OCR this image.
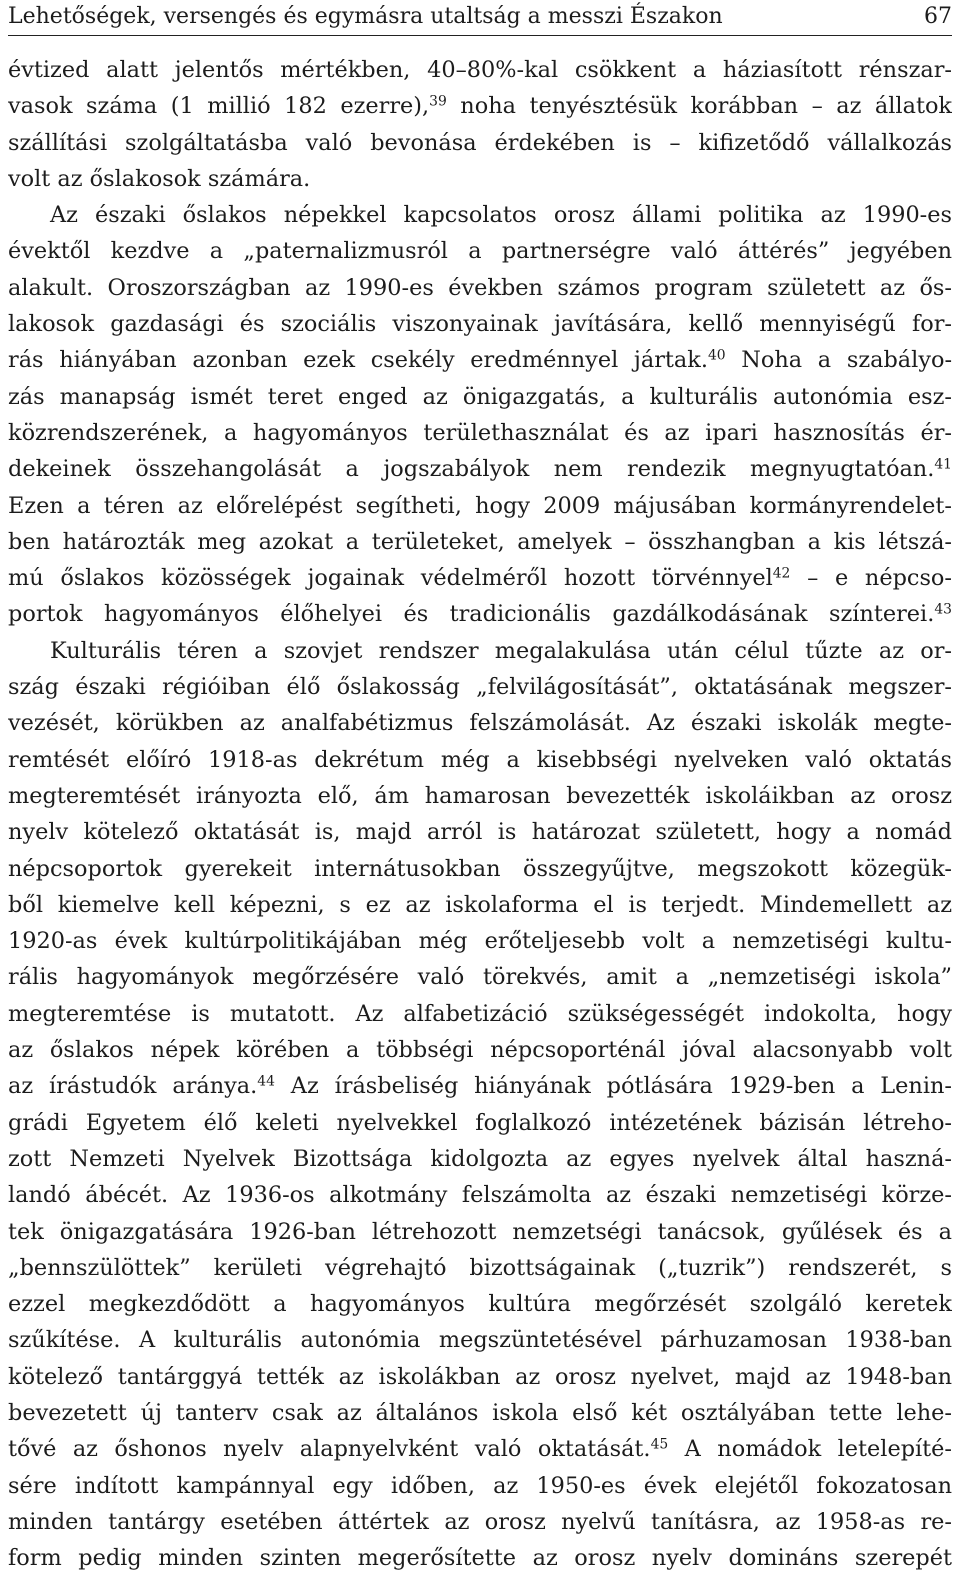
Lehetőségek, versengés és egymásra utaltság a messzi Északon	67
évtized alatt jelentős mértékben, 40–80%-kal csökkent a háziasított rénszar-
vasok száma (1 millió 182 ezerre),$^{39}$ noha tenyésztésük korábban – az állatok
szállítási szolgáltatásba való bevonása érdekében is – kifizetődő vállalkozás
volt az őslakosok számára.
Az északi őslakos népekkel kapcsolatos orosz állami politika az 1990-es
évektől kezdve a „paternalizmusról a partnerségre való áttérés” jegyében
alakult. Oroszországban az 1990-es években számos program született az ős-
lakosok gazdasági és szociális viszonyainak javítására, kellő mennyiségű for-
rás hiányában azonban ezek csekély eredménnyel jártak.$^{40}$ Noha a szabályo-
zás manapság ismét teret enged az önigazgatás, a kulturális autonómia esz-
közrendszerének, a hagyományos területhasználat és az ipari hasznosítás ér-
dekeinek összehangolását a jogszabályok nem rendezik megnyugtatóan.$^{41}$
Ezen a téren az előrelépést segítheti, hogy 2009 májusában kormányrendelet-
ben határozták meg azokat a területeket, amelyek – összhangban a kis létszá-
mú őslakos közösségek jogainak védelméről hozott törvénnyel$^{42}$ – e népcso-
portok hagyományos élőhelyei és tradicionális gazdálkodásának színterei.$^{43}$
Kulturális téren a szovjet rendszer megalakulása után célul tűzte az or-
szág északi régióiban élő őslakosság „felvilágosítását”, oktatásának megszer-
vezését, körükben az analfabétizmus felszámolását. Az északi iskolák megte-
remtését előíró 1918-as dekrétum még a kisebbségi nyelveken való oktatás
megteremtését irányozta elő, ám hamarosan bevezették iskoláikban az orosz
nyelv kötelező oktatását is, majd arról is határozat született, hogy a nomád
népcsoportok gyerekeit internátusokban összegyűjtve, megszokott közegük-
ből kiemelve kell képezni, s ez az iskolaforma el is terjedt. Mindemellett az
1920-as évek kultúrpolitikájában még erőteljesebb volt a nemzetiségi kultu-
rális hagyományok megőrzésére való törekvés, amit a „nemzetiségi iskola”
megteremtése is mutatott. Az alfabetizáció szükségességét indokolta, hogy
az őslakos népek körében a többségi népcsoporténál jóval alacsonyabb volt
az írástudók aránya.$^{44}$ Az írásbeliség hiányának pótlására 1929-ben a Lenin-
grádi Egyetem élő keleti nyelvekkel foglalkozó intézetének bázisán létreho-
zott Nemzeti Nyelvek Bizottsága kidolgozta az egyes nyelvek által haszná-
landó ábécét. Az 1936-os alkotmány felszámolta az északi nemzetiségi körze-
tek önigazgatására 1926-ban létrehozott nemzetségi tanácsok, gyűlések és a
„bennszülöttek” kerületi végrehajtó bizottságainak („tuzrik”) rendszerét, s
ezzel megkezdődött a hagyományos kultúra megőrzését szolgáló keretek
szűkítése. A kulturális autonómia megszüntetésével párhuzamosan 1938-ban
kötelező tantárggyá tették az iskolákban az orosz nyelvet, majd az 1948-ban
bevezetett új tanterv csak az általános iskola első két osztályában tette lehe-
tővé az őshonos nyelv alapnyelvként való oktatását.$^{45}$ A nomádok letelepíté-
sére indított kampánnyal egy időben, az 1950-es évek elejétől fokozatosan
minden tantárgy esetében áttértek az orosz nyelvű tanításra, az 1958-as re-
form pedig minden szinten megerősítette az orosz nyelv domináns szerepét
